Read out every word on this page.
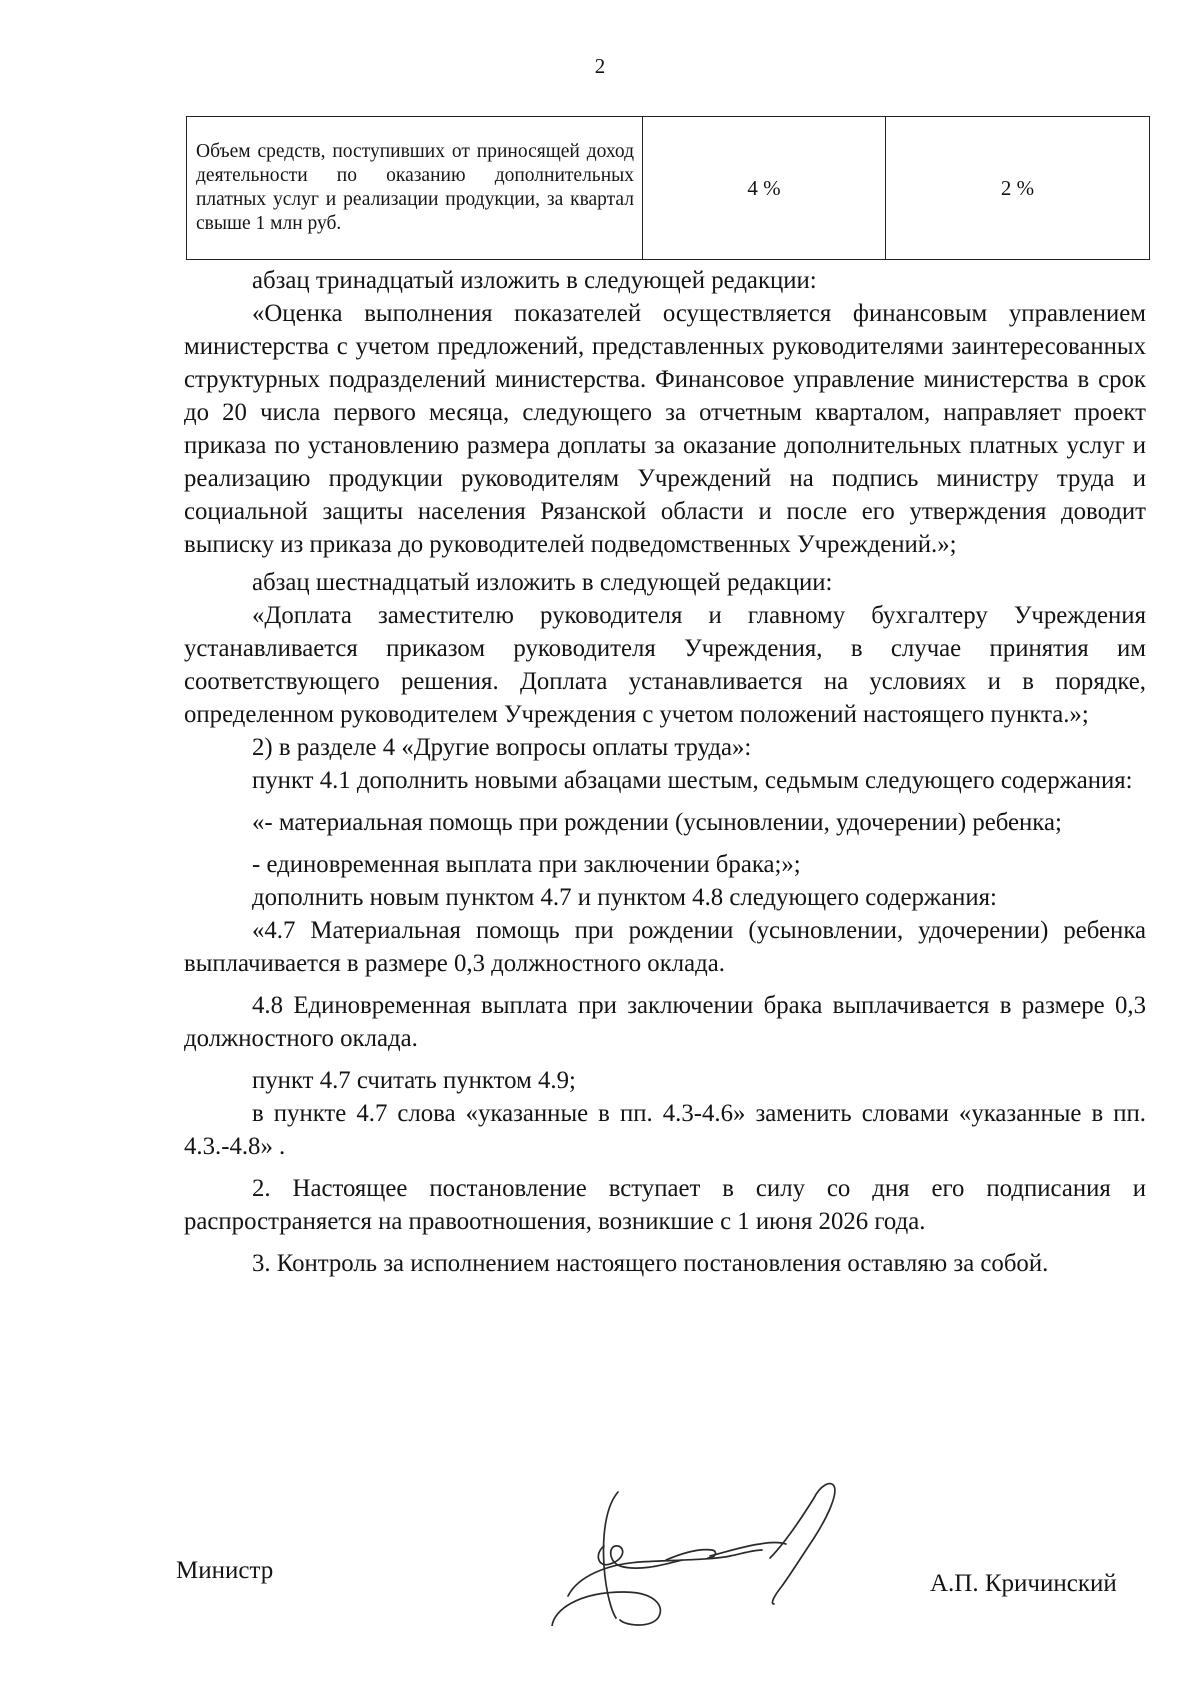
2
Объем средств, поступивших от приносящей доход деятельности по оказанию дополнительных платных услуг и реализации продукции, за квартал свыше 1 млн руб.	4 %	2 %

абзац тринадцатый изложить в следующей редакции:

«Оценка выполнения показателей осуществляется финансовым управлением министерства с учетом предложений, представленных руководителями заинтересованных структурных подразделений министерства. Финансовое управление министерства в срок до 20 числа первого месяца, следующего за отчетным кварталом, направляет проект приказа по установлению размера доплаты за оказание дополнительных платных услуг и реализацию продукции руководителям Учреждений на подпись министру труда и социальной защиты населения Рязанской области и после его утверждения доводит выписку из приказа до руководителей подведомственных Учреждений.»;

абзац шестнадцатый изложить в следующей редакции:

«Доплата заместителю руководителя и главному бухгалтеру Учреждения устанавливается приказом руководителя Учреждения, в случае принятия им соответствующего решения. Доплата устанавливается на условиях и в порядке, определенном руководителем Учреждения с учетом положений настоящего пункта.»;

2) в разделе 4 «Другие вопросы оплаты труда»:

пункт 4.1 дополнить новыми абзацами шестым, седьмым следующего содержания:

«- материальная помощь при рождении (усыновлении, удочерении) ребенка;

- единовременная выплата при заключении брака;»;

дополнить новым пунктом 4.7 и пунктом 4.8 следующего содержания:

«4.7 Материальная помощь при рождении (усыновлении, удочерении) ребенка выплачивается в размере 0,3 должностного оклада.

4.8 Единовременная выплата при заключении брака выплачивается в размере 0,3 должностного оклада.

пункт 4.7 считать пунктом 4.9;

в пункте 4.7 слова «указанные в пп. 4.3-4.6» заменить словами «указанные в пп. 4.3.-4.8» .

2. Настоящее постановление вступает в силу со дня его подписания и распространяется на правоотношения, возникшие с 1 июня 2026 года.

3. Контроль за исполнением настоящего постановления оставляю за собой.

Министр	А.П. Кричинский
